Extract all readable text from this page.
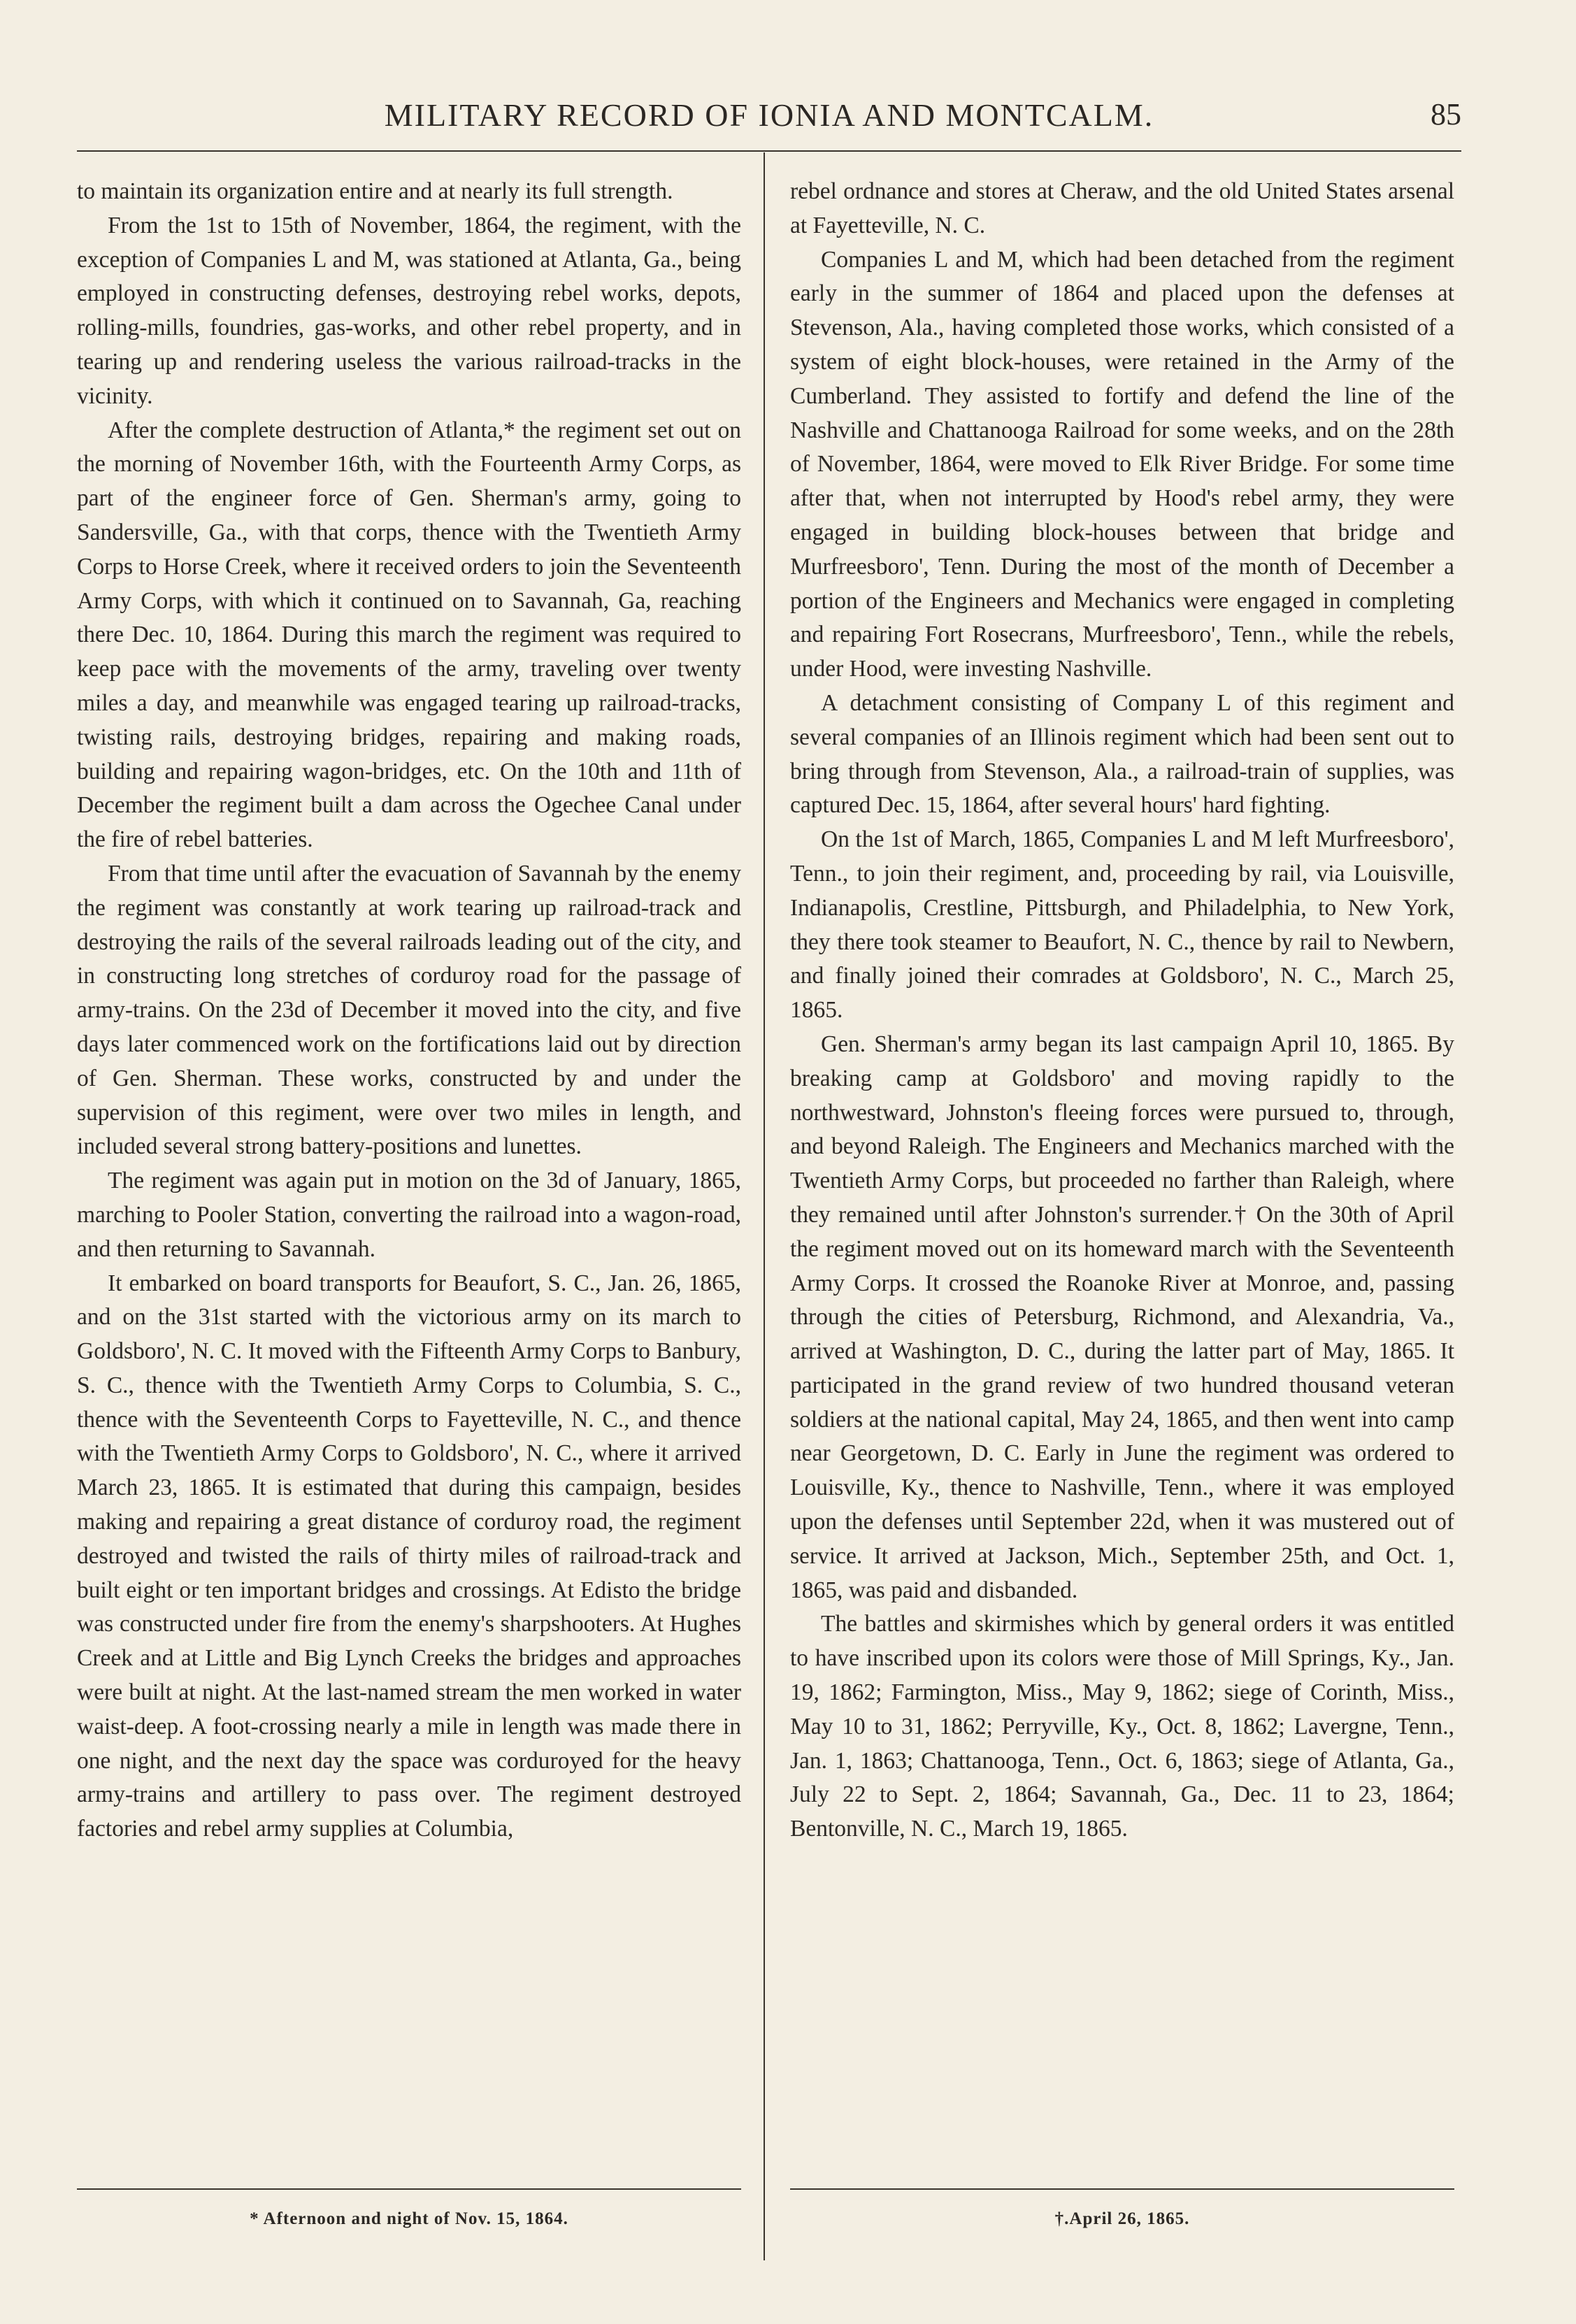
MILITARY RECORD OF IONIA AND MONTCALM.	85

to maintain its organization entire and at nearly its full strength.

From the 1st to 15th of November, 1864, the regiment, with the exception of Companies L and M, was stationed at Atlanta, Ga., being employed in constructing defenses, destroying rebel works, depots, rolling-mills, foundries, gas-works, and other rebel property, and in tearing up and rendering useless the various railroad-tracks in the vicinity.

After the complete destruction of Atlanta,* the regiment set out on the morning of November 16th, with the Fourteenth Army Corps, as part of the engineer force of Gen. Sherman's army, going to Sandersville, Ga., with that corps, thence with the Twentieth Army Corps to Horse Creek, where it received orders to join the Seventeenth Army Corps, with which it continued on to Savannah, Ga, reaching there Dec. 10, 1864. During this march the regiment was required to keep pace with the movements of the army, traveling over twenty miles a day, and meanwhile was engaged tearing up railroad-tracks, twisting rails, destroying bridges, repairing and making roads, building and repairing wagon-bridges, etc. On the 10th and 11th of December the regiment built a dam across the Ogechee Canal under the fire of rebel batteries.

From that time until after the evacuation of Savannah by the enemy the regiment was constantly at work tearing up railroad-track and destroying the rails of the several railroads leading out of the city, and in constructing long stretches of corduroy road for the passage of army-trains. On the 23d of December it moved into the city, and five days later commenced work on the fortifications laid out by direction of Gen. Sherman. These works, constructed by and under the supervision of this regiment, were over two miles in length, and included several strong battery-positions and lunettes.

The regiment was again put in motion on the 3d of January, 1865, marching to Pooler Station, converting the railroad into a wagon-road, and then returning to Savannah.

It embarked on board transports for Beaufort, S. C., Jan. 26, 1865, and on the 31st started with the victorious army on its march to Goldsboro', N. C. It moved with the Fifteenth Army Corps to Banbury, S. C., thence with the Twentieth Army Corps to Columbia, S. C., thence with the Seventeenth Corps to Fayetteville, N. C., and thence with the Twentieth Army Corps to Goldsboro', N. C., where it arrived March 23, 1865. It is estimated that during this campaign, besides making and repairing a great distance of corduroy road, the regiment destroyed and twisted the rails of thirty miles of railroad-track and built eight or ten important bridges and crossings. At Edisto the bridge was constructed under fire from the enemy's sharpshooters. At Hughes Creek and at Little and Big Lynch Creeks the bridges and approaches were built at night. At the last-named stream the men worked in water waist-deep. A foot-crossing nearly a mile in length was made there in one night, and the next day the space was corduroyed for the heavy army-trains and artillery to pass over. The regiment destroyed factories and rebel army supplies at Columbia,

rebel ordnance and stores at Cheraw, and the old United States arsenal at Fayetteville, N. C.

Companies L and M, which had been detached from the regiment early in the summer of 1864 and placed upon the defenses at Stevenson, Ala., having completed those works, which consisted of a system of eight block-houses, were retained in the Army of the Cumberland. They assisted to fortify and defend the line of the Nashville and Chattanooga Railroad for some weeks, and on the 28th of November, 1864, were moved to Elk River Bridge. For some time after that, when not interrupted by Hood's rebel army, they were engaged in building block-houses between that bridge and Murfreesboro', Tenn. During the most of the month of December a portion of the Engineers and Mechanics were engaged in completing and repairing Fort Rosecrans, Murfreesboro', Tenn., while the rebels, under Hood, were investing Nashville.

A detachment consisting of Company L of this regiment and several companies of an Illinois regiment which had been sent out to bring through from Stevenson, Ala., a railroad-train of supplies, was captured Dec. 15, 1864, after several hours' hard fighting.

On the 1st of March, 1865, Companies L and M left Murfreesboro', Tenn., to join their regiment, and, proceeding by rail, via Louisville, Indianapolis, Crestline, Pittsburgh, and Philadelphia, to New York, they there took steamer to Beaufort, N. C., thence by rail to Newbern, and finally joined their comrades at Goldsboro', N. C., March 25, 1865.

Gen. Sherman's army began its last campaign April 10, 1865. By breaking camp at Goldsboro' and moving rapidly to the northwestward, Johnston's fleeing forces were pursued to, through, and beyond Raleigh. The Engineers and Mechanics marched with the Twentieth Army Corps, but proceeded no farther than Raleigh, where they remained until after Johnston's surrender.† On the 30th of April the regiment moved out on its homeward march with the Seventeenth Army Corps. It crossed the Roanoke River at Monroe, and, passing through the cities of Petersburg, Richmond, and Alexandria, Va., arrived at Washington, D. C., during the latter part of May, 1865. It participated in the grand review of two hundred thousand veteran soldiers at the national capital, May 24, 1865, and then went into camp near Georgetown, D. C. Early in June the regiment was ordered to Louisville, Ky., thence to Nashville, Tenn., where it was employed upon the defenses until September 22d, when it was mustered out of service. It arrived at Jackson, Mich., September 25th, and Oct. 1, 1865, was paid and disbanded.

The battles and skirmishes which by general orders it was entitled to have inscribed upon its colors were those of Mill Springs, Ky., Jan. 19, 1862; Farmington, Miss., May 9, 1862; siege of Corinth, Miss., May 10 to 31, 1862; Perryville, Ky., Oct. 8, 1862; Lavergne, Tenn., Jan. 1, 1863; Chattanooga, Tenn., Oct. 6, 1863; siege of Atlanta, Ga., July 22 to Sept. 2, 1864; Savannah, Ga., Dec. 11 to 23, 1864; Bentonville, N. C., March 19, 1865.

* Afternoon and night of Nov. 15, 1864.	†.April 26, 1865.
